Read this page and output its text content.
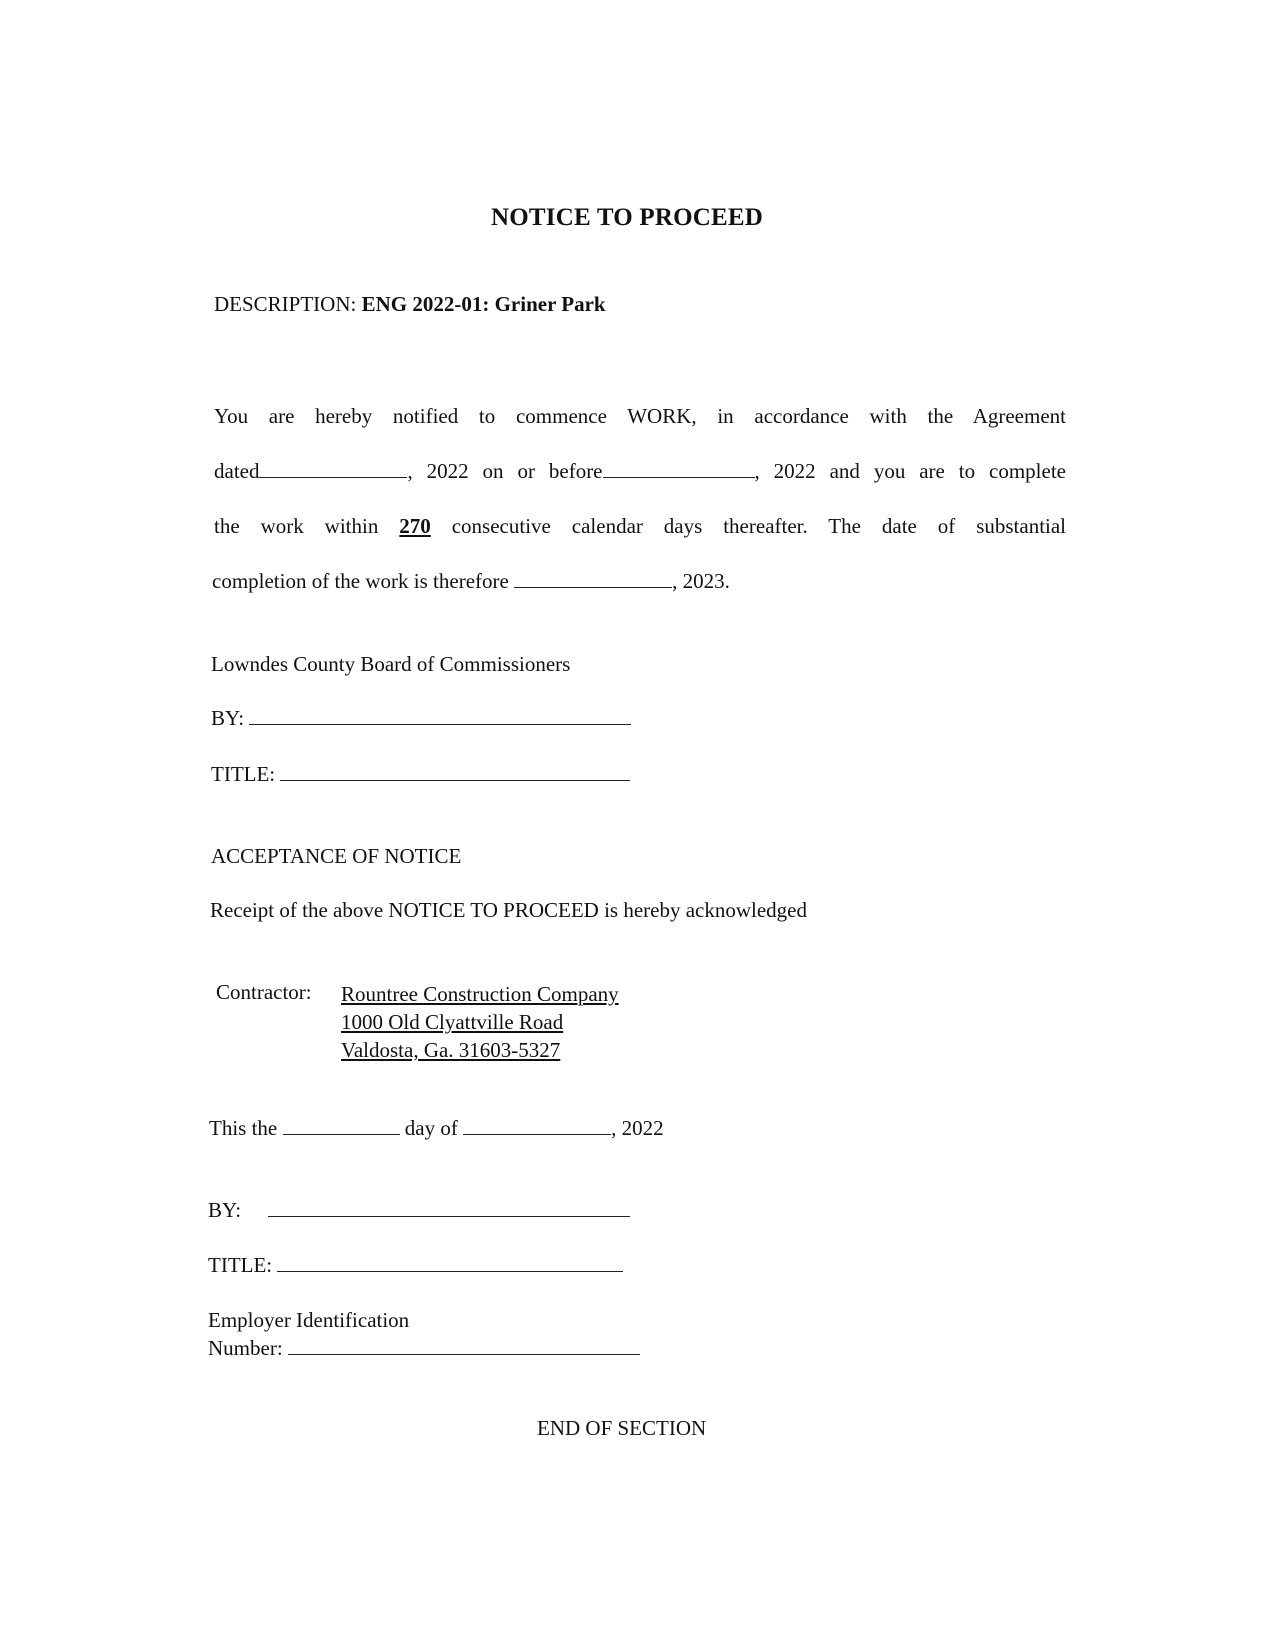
NOTICE TO PROCEED
DESCRIPTION: ENG 2022-01: Griner Park
You are hereby notified to commence WORK, in accordance with the Agreement
dated	, 2022 on or before	, 2022 and you are to complete
the work within 270 consecutive calendar days thereafter. The date of substantial
completion of the work is therefore	, 2023.
Lowndes County Board of Commissioners
BY:
TITLE:
ACCEPTANCE OF NOTICE
Receipt of the above NOTICE TO PROCEED is hereby acknowledged
Contractor: Rountree Construction Company
1000 Old Clyattville Road
Valdosta, Ga. 31603-5327
This the	day of	, 2022
BY:
TITLE:
Employer Identification
Number:
END OF SECTION
